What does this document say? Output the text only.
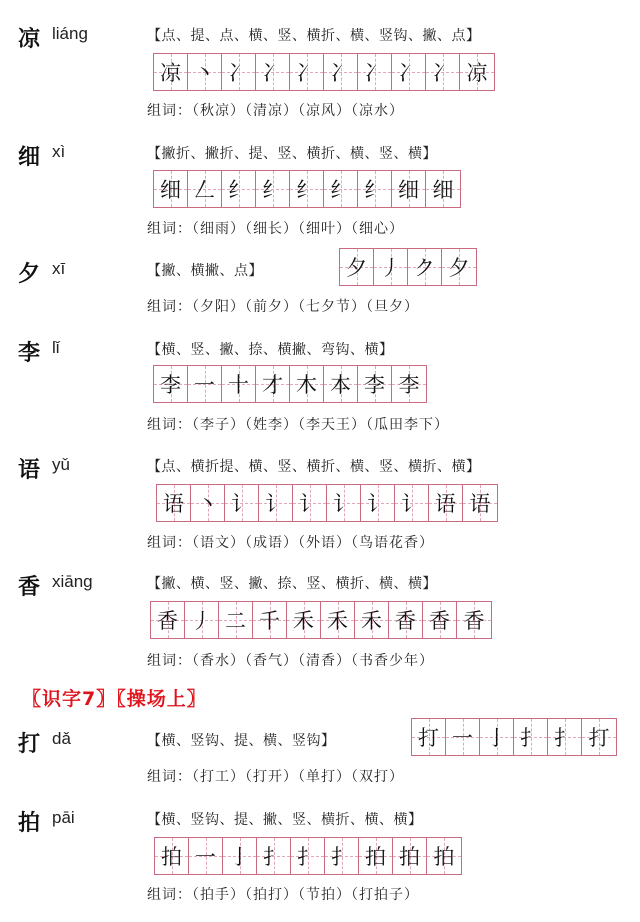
凉 liáng	【点、提、点、横、竖、横折、横、竖钩、撇、点】
凉 丶 冫 冫 冫 冫 冫 冫 冫 凉
组词：（秋凉）（清凉）（凉风）（凉水）
细 xì	【撇折、撇折、提、竖、横折、横、竖、横】
细 𠃋 纟 纟 纟 纟 纟 细 细
组词：（细雨）（细长）（细叶）（细心）
夕 xī	【撇、横撇、点】	夕 丿 ク 夕
组词：（夕阳）（前夕）（七夕节）（旦夕）
李 lǐ	【横、竖、撇、捺、横撇、弯钩、横】
李 一 十 才 木 本 李 李
组词：（李子）（姓李）（李天王）（瓜田李下）
语 yǔ	【点、横折提、横、竖、横折、横、竖、横折、横】
语 丶 讠 讠 讠 讠 讠 讠 语 语
组词：（语文）（成语）（外语）（鸟语花香）
香 xiāng	【撇、横、竖、撇、捺、竖、横折、横、横】
香 丿 二 千 禾 禾 禾 香 香 香
组词：（香水）（香气）（清香）（书香少年）
打 dǎ	【横、竖钩、提、横、竖钩】	打 一 亅 扌 扌 打
组词：（打工）（打开）（单打）（双打）
拍 pāi	【横、竖钩、提、撇、竖、横折、横、横】
拍 一 亅 扌 扌 扌 拍 拍 拍
组词：（拍手）（拍打）（节拍）（打拍子）
〖识字7〗〖操场上〗
